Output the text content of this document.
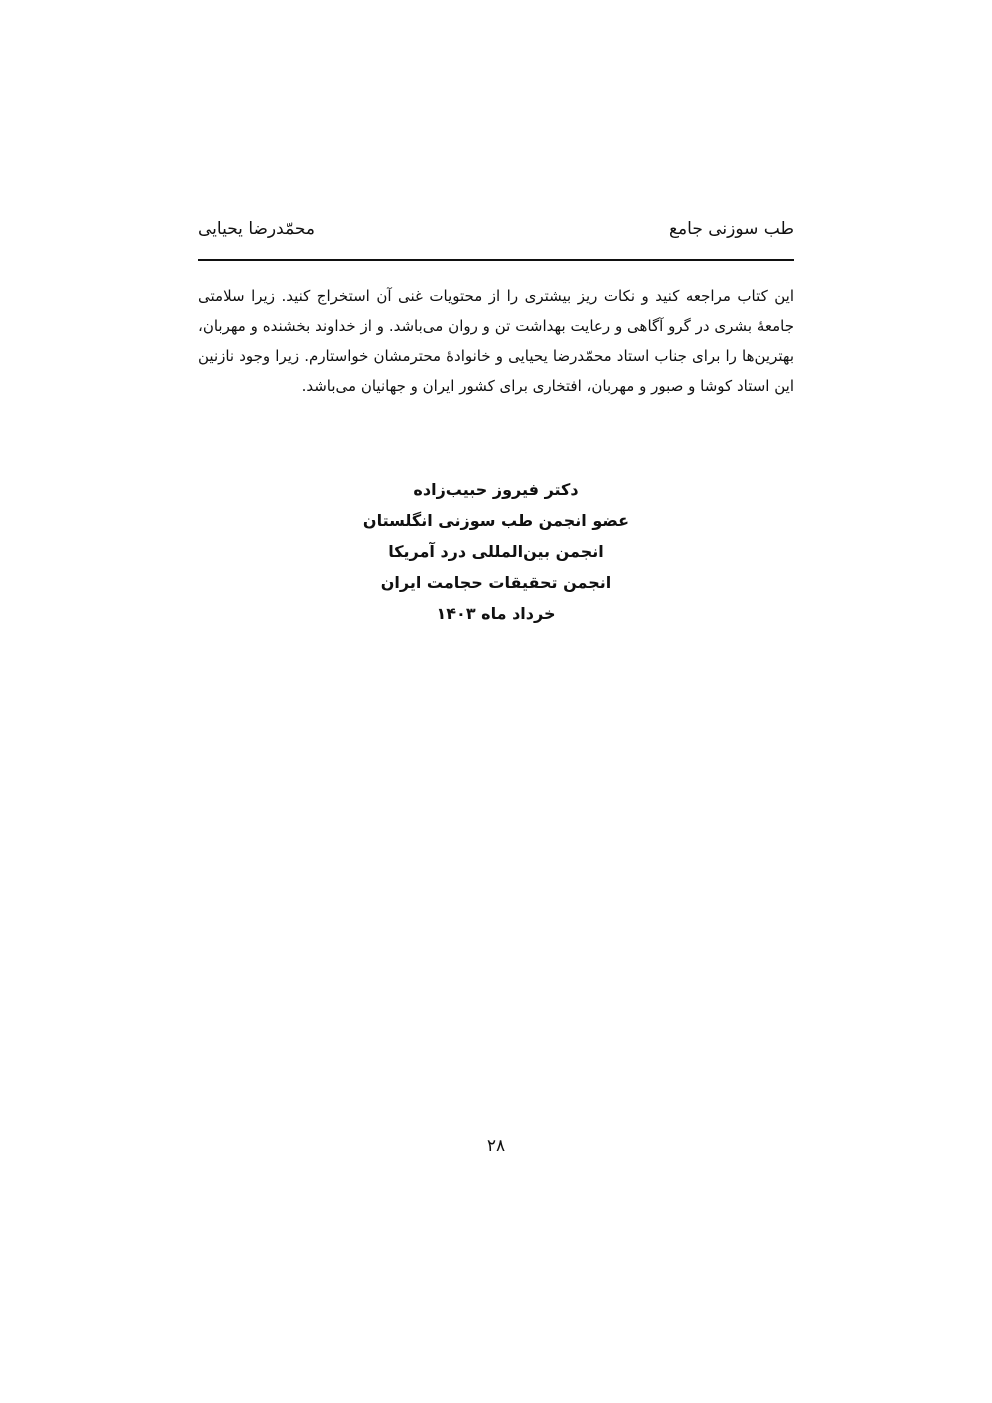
طب سوزنی جامع
محمّدرضا یحیایی

این کتاب مراجعه کنید و نکات ریز بیشتری را از محتویات غنی آن استخراج کنید. زیرا سلامتی جامعهٔ بشری در گرو آگاهی و رعایت بهداشت تن و روان می‌باشد. و از خداوند بخشنده و مهربان، بهترین‌ها را برای جناب استاد محمّدرضا یحیایی و خانوادهٔ محترمشان خواستارم. زیرا وجود نازنین این استاد کوشا و صبور و مهربان، افتخاری برای کشور ایران و جهانیان می‌باشد.

دکتر فیروز حبیب‌زاده
عضو انجمن طب سوزنی انگلستان
انجمن بین‌المللی درد آمریکا
انجمن تحقیقات حجامت ایران
خرداد ماه ۱۴۰۳
۲۸
